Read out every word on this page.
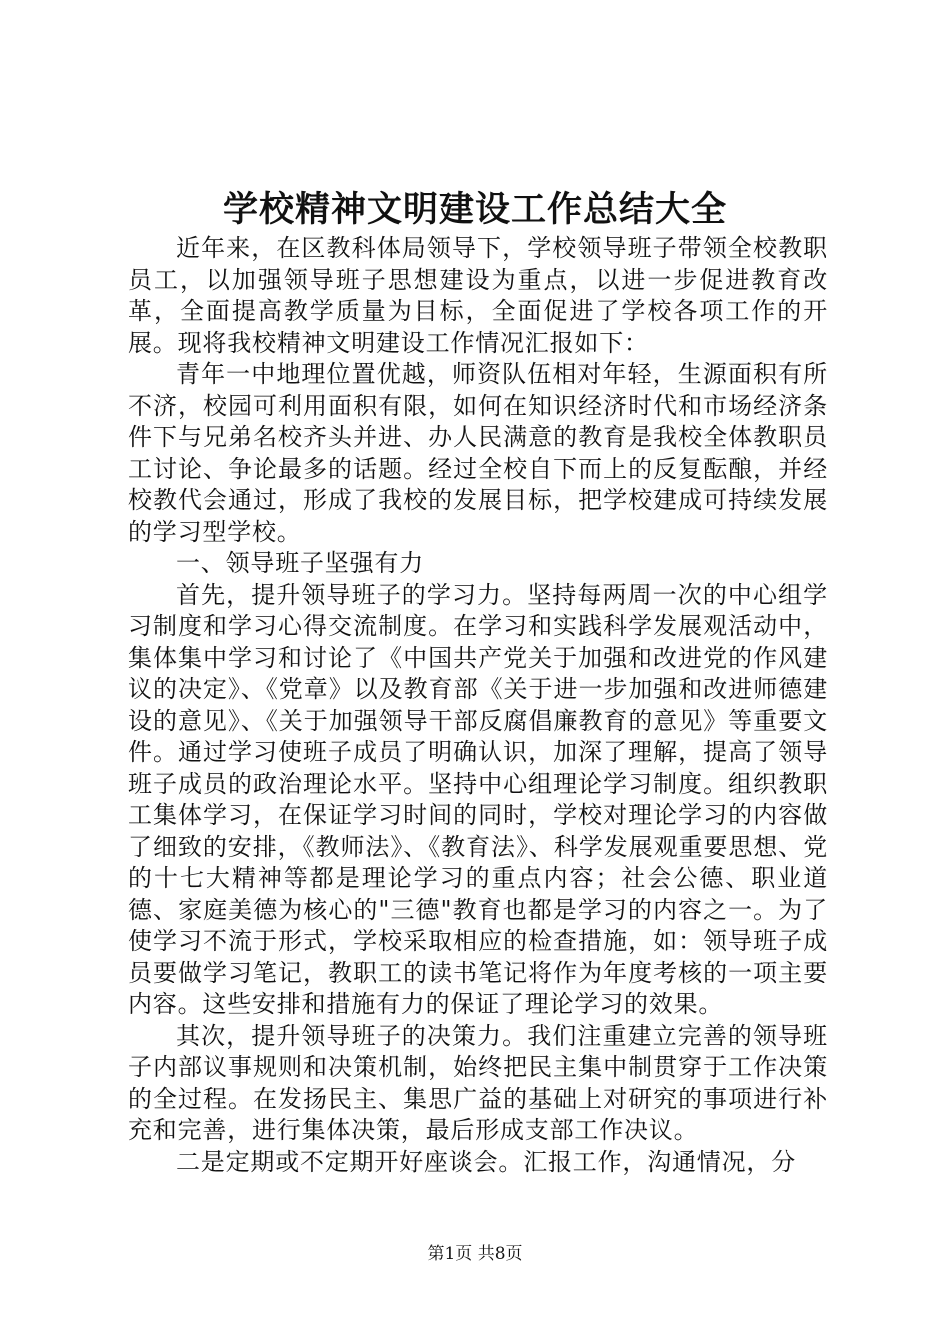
学校精神文明建设工作总结大全

近年来，在区教科体局领导下，学校领导班子带领全校教职员工，以加强领导班子思想建设为重点，以进一步促进教育改革，全面提高教学质量为目标，全面促进了学校各项工作的开展。现将我校精神文明建设工作情况汇报如下：

青年一中地理位置优越，师资队伍相对年轻，生源面积有所不济，校园可利用面积有限，如何在知识经济时代和市场经济条件下与兄弟名校齐头并进、办人民满意的教育是我校全体教职员工讨论、争论最多的话题。经过全校自下而上的反复酝酿，并经校教代会通过，形成了我校的发展目标，把学校建成可持续发展的学习型学校。

一、领导班子坚强有力

首先，提升领导班子的学习力。坚持每两周一次的中心组学习制度和学习心得交流制度。在学习和实践科学发展观活动中，集体集中学习和讨论了《中国共产党关于加强和改进党的作风建议的决定》、《党章》以及教育部《关于进一步加强和改进师德建设的意见》、《关于加强领导干部反腐倡廉教育的意见》等重要文件。通过学习使班子成员了明确认识，加深了理解，提高了领导班子成员的政治理论水平。坚持中心组理论学习制度。组织教职工集体学习，在保证学习时间的同时，学校对理论学习的内容做了细致的安排，《教师法》、《教育法》、科学发展观重要思想、党的十七大精神等都是理论学习的重点内容；社会公德、职业道德、家庭美德为核心的"三德"教育也都是学习的内容之一。为了使学习不流于形式，学校采取相应的检查措施，如：领导班子成员要做学习笔记，教职工的读书笔记将作为年度考核的一项主要内容。这些安排和措施有力的保证了理论学习的效果。

其次，提升领导班子的决策力。我们注重建立完善的领导班子内部议事规则和决策机制，始终把民主集中制贯穿于工作决策的全过程。在发扬民主、集思广益的基础上对研究的事项进行补充和完善，进行集体决策，最后形成支部工作决议。

二是定期或不定期开好座谈会。汇报工作，沟通情况，分

第1页 共8页
